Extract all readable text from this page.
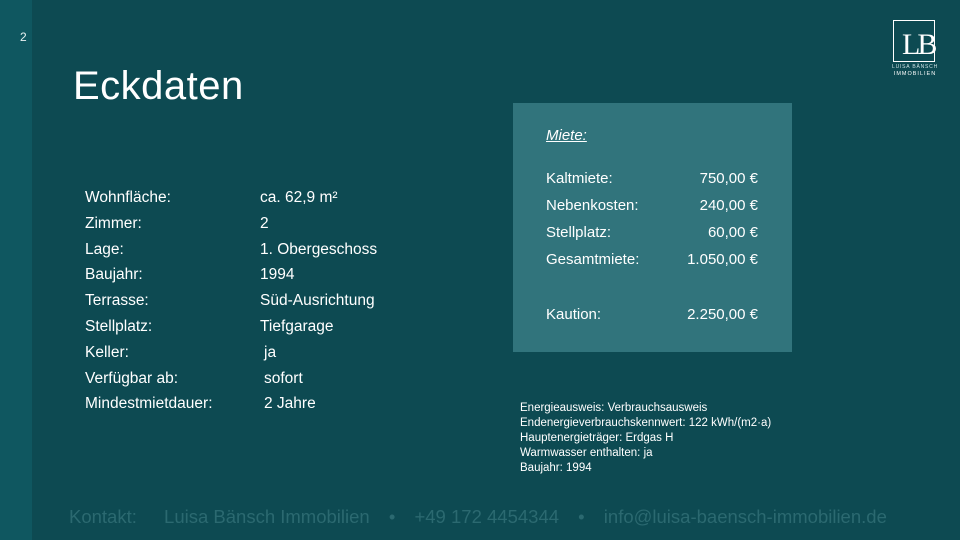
2
Eckdaten
LB
LUISA BÄNSCH
IMMOBILIEN
Wohnfläche:	ca. 62,9 m²
Zimmer:	2
Lage:	1. Obergeschoss
Baujahr:	1994
Terrasse:	Süd-Ausrichtung
Stellplatz:	Tiefgarage
Keller:	ja
Verfügbar ab:	sofort
Mindestmietdauer:	2 Jahre
Miete:
Kaltmiete:	750,00 €
Nebenkosten:	240,00 €
Stellplatz:	60,00 €
Gesamtmiete:	1.050,00 €
Kaution:	2.250,00 €
Energieausweis: Verbrauchsausweis
Endenergieverbrauchskennwert: 122 kWh/(m2·a)
Hauptenergieträger: Erdgas H
Warmwasser enthalten: ja
Baujahr: 1994
Kontakt: Luisa Bänsch Immobilien • +49 172 4454344 • info@luisa-baensch-immobilien.de
